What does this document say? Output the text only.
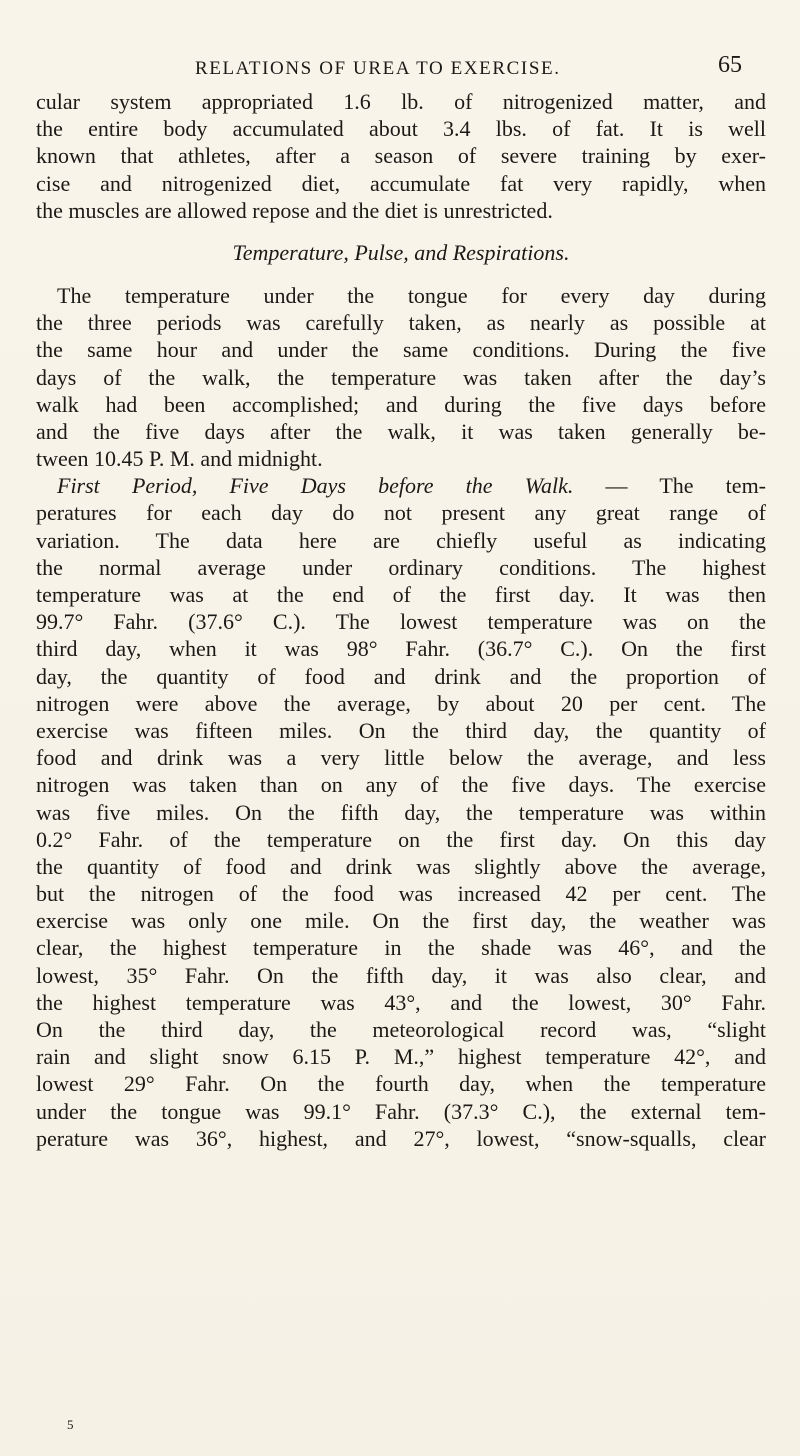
RELATIONS OF UREA TO EXERCISE.	65
cular system appropriated 1.6 lb. of nitrogenized matter, and
the entire body accumulated about 3.4 lbs. of fat. It is well
known that athletes, after a season of severe training by exer-
cise and nitrogenized diet, accumulate fat very rapidly, when
the muscles are allowed repose and the diet is unrestricted.
Temperature, Pulse, and Respirations.
The temperature under the tongue for every day during
the three periods was carefully taken, as nearly as possible at
the same hour and under the same conditions. During the five
days of the walk, the temperature was taken after the day’s
walk had been accomplished; and during the five days before
and the five days after the walk, it was taken generally be-
tween 10.45 P. M. and midnight.
First Period, Five Days before the Walk. — The tem-
peratures for each day do not present any great range of
variation. The data here are chiefly useful as indicating
the normal average under ordinary conditions. The highest
temperature was at the end of the first day. It was then
99.7° Fahr. (37.6° C.). The lowest temperature was on the
third day, when it was 98° Fahr. (36.7° C.). On the first
day, the quantity of food and drink and the proportion of
nitrogen were above the average, by about 20 per cent. The
exercise was fifteen miles. On the third day, the quantity of
food and drink was a very little below the average, and less
nitrogen was taken than on any of the five days. The exercise
was five miles. On the fifth day, the temperature was within
0.2° Fahr. of the temperature on the first day. On this day
the quantity of food and drink was slightly above the average,
but the nitrogen of the food was increased 42 per cent. The
exercise was only one mile. On the first day, the weather was
clear, the highest temperature in the shade was 46°, and the
lowest, 35° Fahr. On the fifth day, it was also clear, and
the highest temperature was 43°, and the lowest, 30° Fahr.
On the third day, the meteorological record was, “slight
rain and slight snow 6.15 P. M.,” highest temperature 42°, and
lowest 29° Fahr. On the fourth day, when the temperature
under the tongue was 99.1° Fahr. (37.3° C.), the external tem-
perature was 36°, highest, and 27°, lowest, “snow-squalls, clear
5
